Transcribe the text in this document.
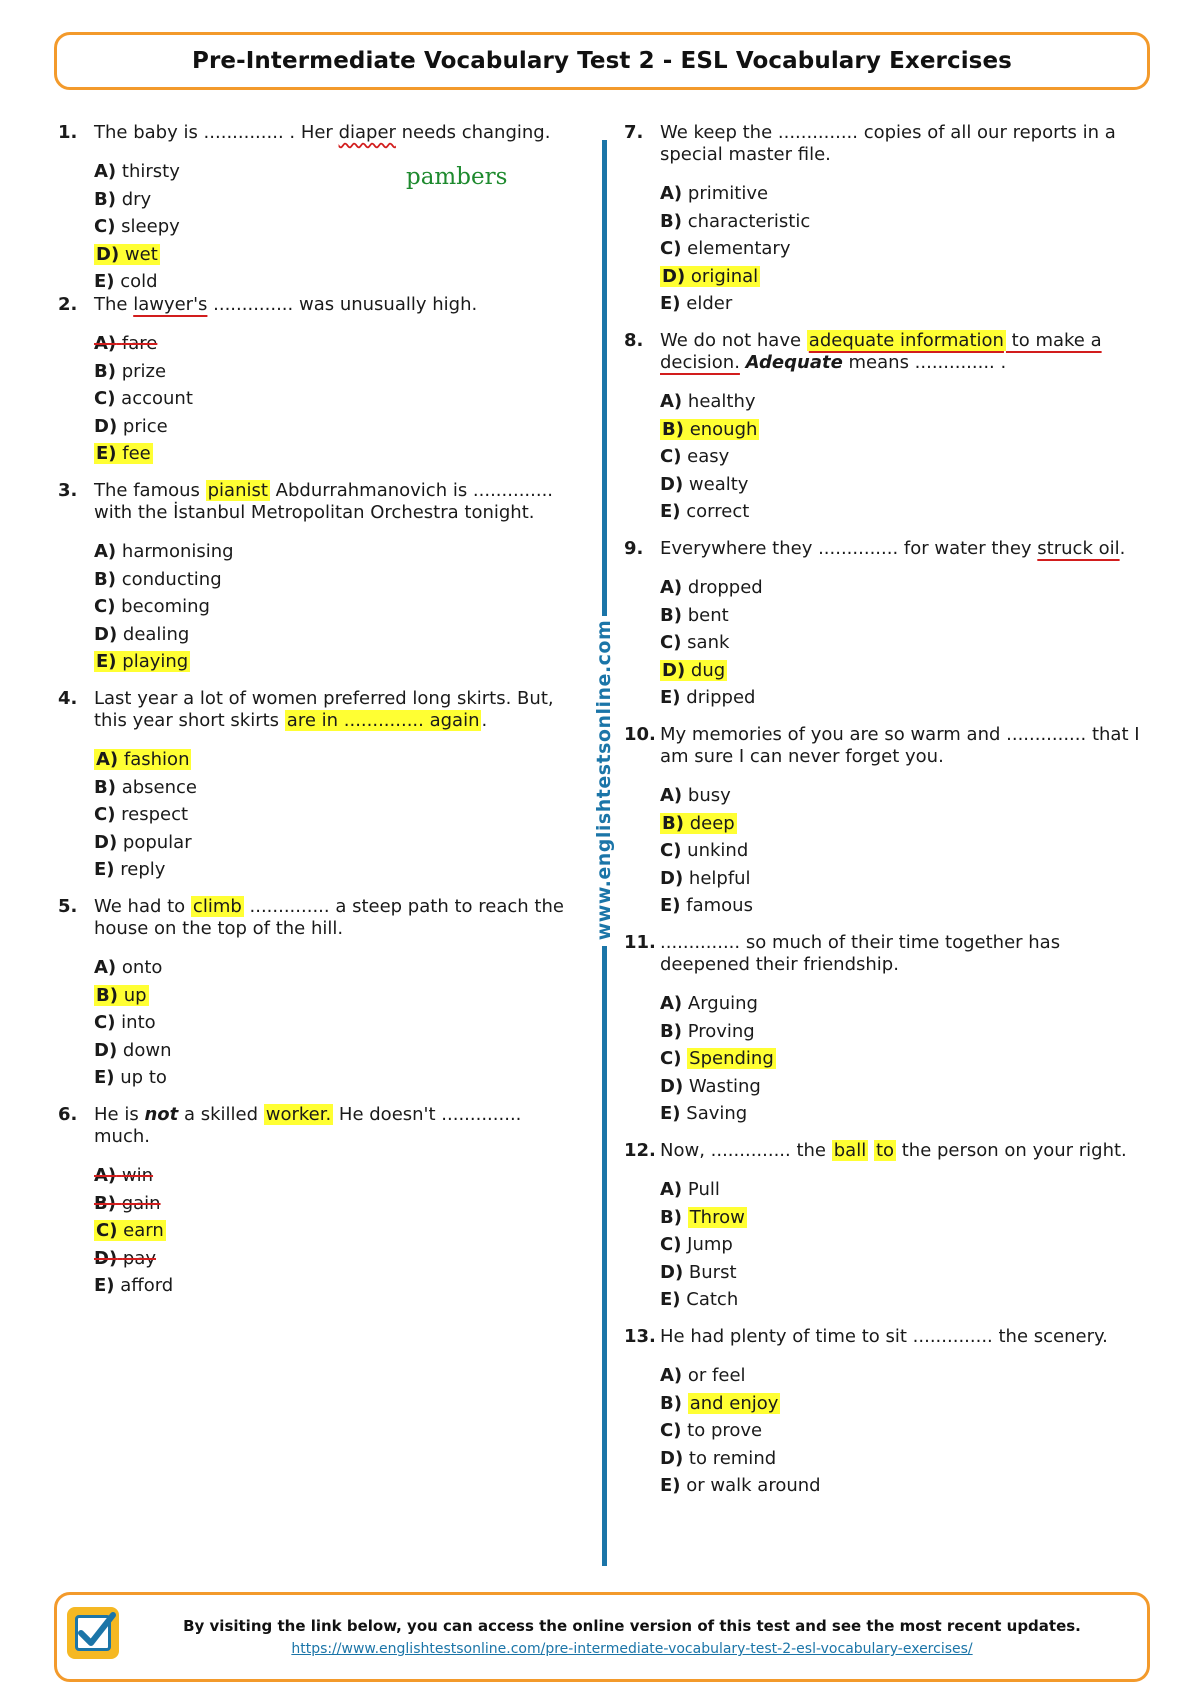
Pre-Intermediate Vocabulary Test 2 - ESL Vocabulary Exercises
1. The baby is .............. . Her diaper needs changing.

pambers
A) thirsty
B) dry
C) sleepy
D) wet
E) cold
2. The lawyer's .............. was unusually high.

A) fare
B) prize
C) account
D) price
E) fee
3. The famous pianist Abdurrahmanovich is .............. with the İstanbul Metropolitan Orchestra tonight.

A) harmonising
B) conducting
C) becoming
D) dealing
E) playing
4. Last year a lot of women preferred long skirts. But, this year short skirts are in .............. again .

A) fashion
B) absence
C) respect
D) popular
E) reply
5. We had to climb .............. a steep path to reach the house on the top of the hill.

A) onto
B) up
C) into
D) down
E) up to
6. He is not a skilled worker. He doesn't .............. much.

A) win
B) gain
C) earn
D) pay
E) afford
www.englishtestsonline.com
7. We keep the .............. copies of all our reports in a special master file.

A) primitive
B) characteristic
C) elementary
D) original
E) elder
8. We do not have adequate information to make a decision. Adequate means .............. .

A) healthy
B) enough
C) easy
D) wealty
E) correct
9. Everywhere they .............. for water they struck oil.

A) dropped
B) bent
C) sank
D) dug
E) dripped
10. My memories of you are so warm and .............. that I am sure I can never forget you.

A) busy
B) deep
C) unkind
D) helpful
E) famous
11. .............. so much of their time together has deepened their friendship.

A) Arguing
B) Proving
C) Spending
D) Wasting
E) Saving
12. Now, .............. the ball to the person on your right.

A) Pull
B) Throw
C) Jump
D) Burst
E) Catch
13. He had plenty of time to sit .............. the scenery.

A) or feel
B) and enjoy
C) to prove
D) to remind
E) or walk around
By visiting the link below, you can access the online version of this test and see the most recent updates.
https://www.englishtestsonline.com/pre-intermediate-vocabulary-test-2-esl-vocabulary-exercises/
